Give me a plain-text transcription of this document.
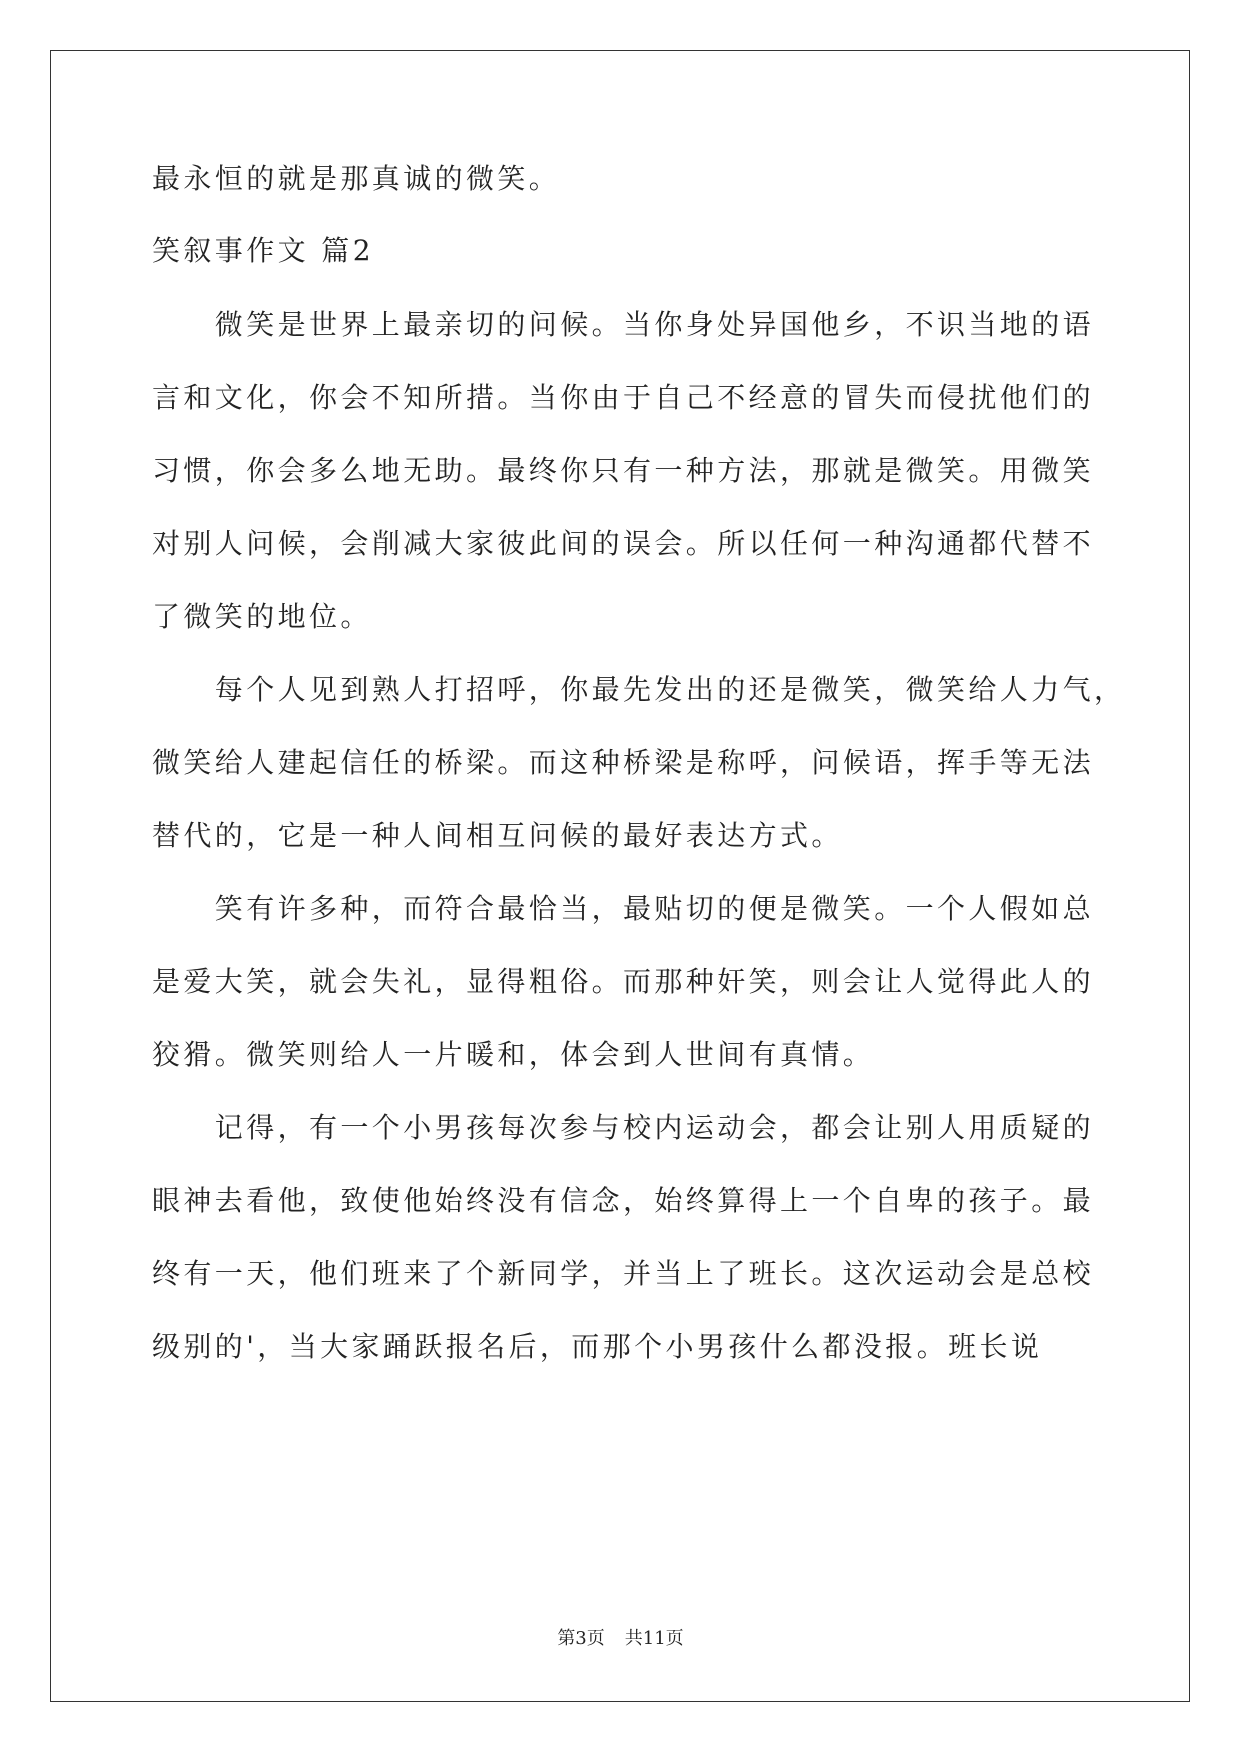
最永恒的就是那真诚的微笑。
笑叙事作文 篇2
　　微笑是世界上最亲切的问候。当你身处异国他乡，不识当地的语
言和文化，你会不知所措。当你由于自己不经意的冒失而侵扰他们的
习惯，你会多么地无助。最终你只有一种方法，那就是微笑。用微笑
对别人问候，会削减大家彼此间的误会。所以任何一种沟通都代替不
了微笑的地位。
　　每个人见到熟人打招呼，你最先发出的还是微笑，微笑给人力气，
微笑给人建起信任的桥梁。而这种桥梁是称呼，问候语，挥手等无法
替代的，它是一种人间相互问候的最好表达方式。
　　笑有许多种，而符合最恰当，最贴切的便是微笑。一个人假如总
是爱大笑，就会失礼，显得粗俗。而那种奸笑，则会让人觉得此人的
狡猾。微笑则给人一片暖和，体会到人世间有真情。
　　记得，有一个小男孩每次参与校内运动会，都会让别人用质疑的
眼神去看他，致使他始终没有信念，始终算得上一个自卑的孩子。最
终有一天，他们班来了个新同学，并当上了班长。这次运动会是总校
级别的'，当大家踊跃报名后，而那个小男孩什么都没报。班长说
第3页 共11页
